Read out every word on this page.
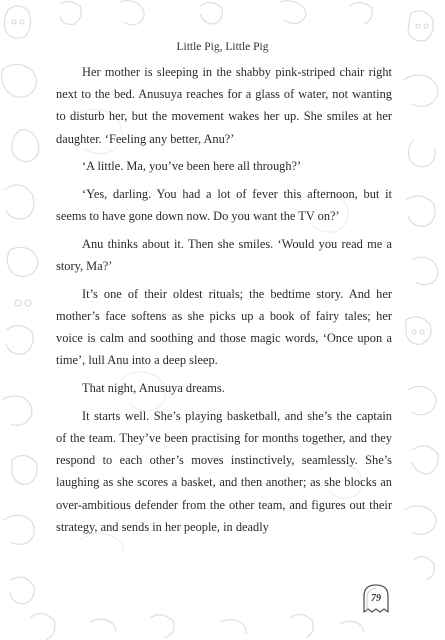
Little Pig, Little Pig

Her mother is sleeping in the shabby pink-striped chair right next to the bed. Anusuya reaches for a glass of water, not wanting to disturb her, but the movement wakes her up. She smiles at her daughter. ‘Feeling any better, Anu?’

‘A little. Ma, you’ve been here all through?’

‘Yes, darling. You had a lot of fever this afternoon, but it seems to have gone down now. Do you want the TV on?’

Anu thinks about it. Then she smiles. ‘Would you read me a story, Ma?’

It’s one of their oldest rituals; the bedtime story. And her mother’s face softens as she picks up a book of fairy tales; her voice is calm and soothing and those magic words, ‘Once upon a time’, lull Anu into a deep sleep.

That night, Anusuya dreams.

It starts well. She’s playing basketball, and she’s the captain of the team. They’ve been practising for months together, and they respond to each other’s moves instinctively, seamlessly. She’s laughing as she scores a basket, and then another; as she blocks an over-ambitious defender from the other team, and figures out their strategy, and sends in her people, in deadly

79
